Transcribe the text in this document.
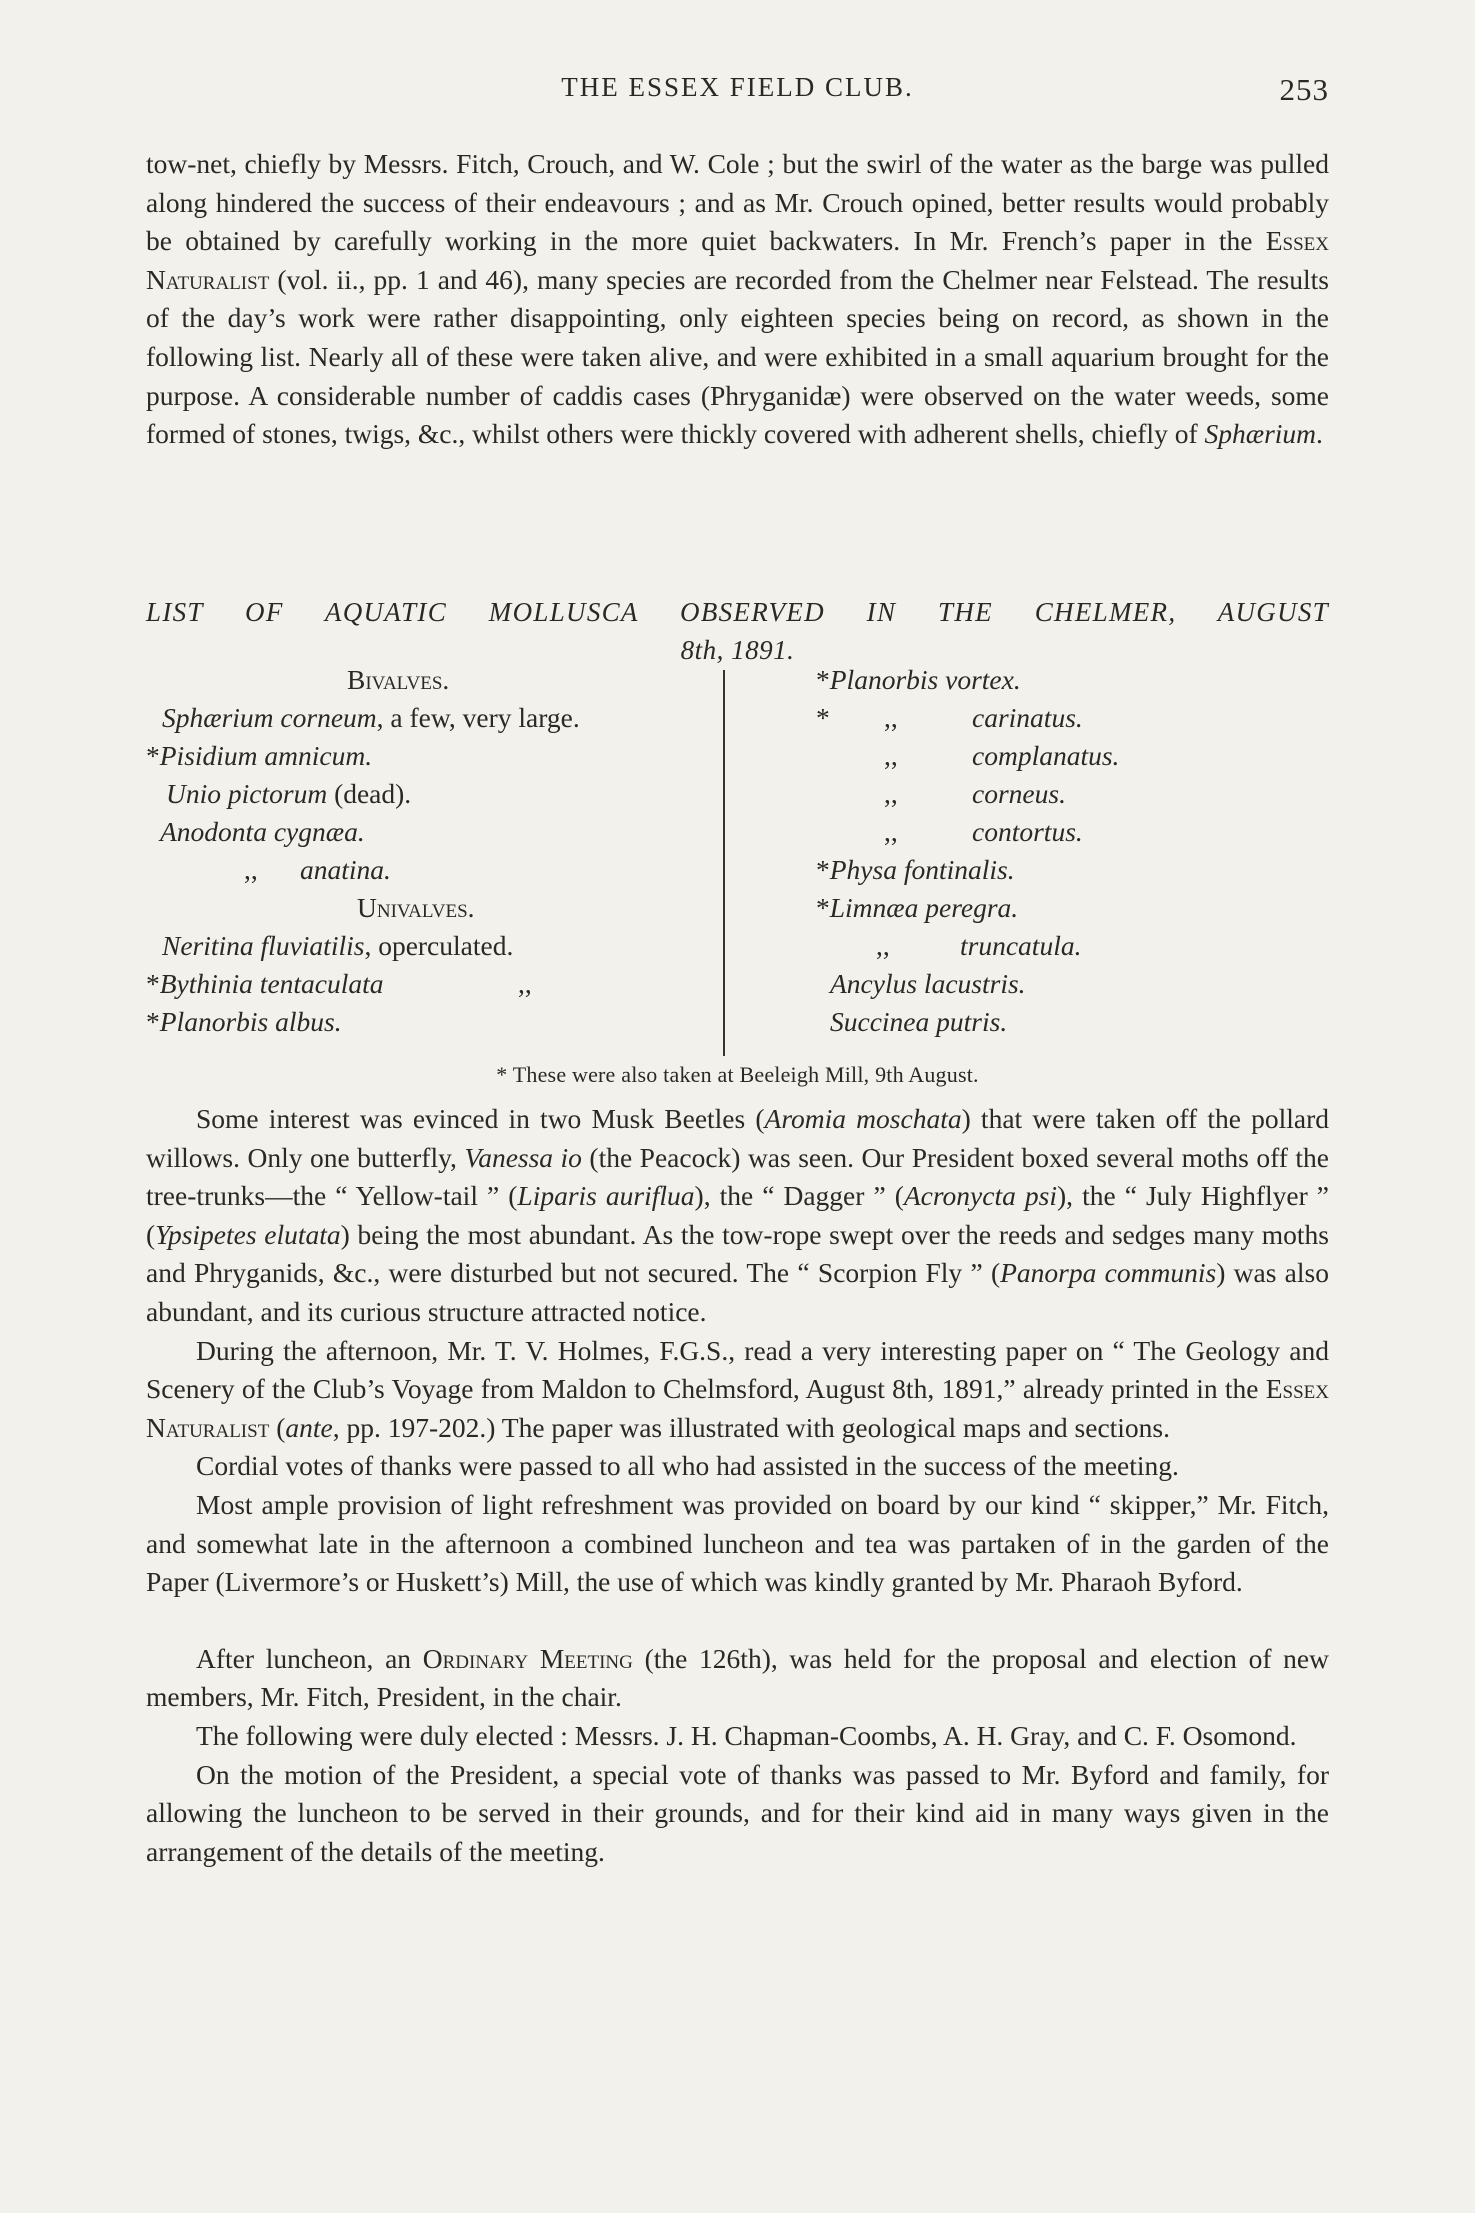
THE ESSEX FIELD CLUB.	253

tow-net, chiefly by Messrs. Fitch, Crouch, and W. Cole ; but the swirl of the water as the barge was pulled along hindered the success of their endeavours ; and as Mr. Crouch opined, better results would probably be obtained by carefully working in the more quiet backwaters. In Mr. French’s paper in the Essex Naturalist (vol. ii., pp. 1 and 46), many species are recorded from the Chelmer near Felstead. The results of the day’s work were rather disappointing, only eighteen species being on record, as shown in the following list. Nearly all of these were taken alive, and were exhibited in a small aquarium brought for the purpose. A considerable number of caddis cases (Phryganidæ) were observed on the water weeds, some formed of stones, twigs, &c., whilst others were thickly covered with adherent shells, chiefly of Sphærium.

LIST OF AQUATIC MOLLUSCA OBSERVED IN THE CHELMER, AUGUST
8th, 1891.
Bivalves.
Sphærium corneum, a few, very large.
*Pisidium amnicum.
Unio pictorum (dead).
Anodonta cygnæa.
,, anatina.
Univalves.
Neritina fluviatilis, operculated.
*Bythinia tentaculata	,,
*Planorbis albus.
*Planorbis vortex.
* ,,	carinatus.
,,	complanatus.
,,	corneus.
,,	contortus.
*Physa fontinalis.
*Limnæa peregra.
,,	truncatula.
Ancylus lacustris.
Succinea putris.
* These were also taken at Beeleigh Mill, 9th August.

Some interest was evinced in two Musk Beetles (Aromia moschata) that were taken off the pollard willows. Only one butterfly, Vanessa io (the Peacock) was seen. Our President boxed several moths off the tree-trunks—the “ Yellow-tail ” (Liparis auriflua), the “ Dagger ” (Acronycta psi), the “ July Highflyer ” (Ypsipetes elutata) being the most abundant. As the tow-rope swept over the reeds and sedges many moths and Phryganids, &c., were disturbed but not secured. The “ Scorpion Fly ” (Panorpa communis) was also abundant, and its curious structure attracted notice.

During the afternoon, Mr. T. V. Holmes, F.G.S., read a very interesting paper on “ The Geology and Scenery of the Club’s Voyage from Maldon to Chelmsford, August 8th, 1891,” already printed in the Essex Naturalist (ante, pp. 197-202.) The paper was illustrated with geological maps and sections.

Cordial votes of thanks were passed to all who had assisted in the success of the meeting.

Most ample provision of light refreshment was provided on board by our kind “ skipper,” Mr. Fitch, and somewhat late in the afternoon a combined luncheon and tea was partaken of in the garden of the Paper (Livermore’s or Huskett’s) Mill, the use of which was kindly granted by Mr. Pharaoh Byford.

After luncheon, an Ordinary Meeting (the 126th), was held for the proposal and election of new members, Mr. Fitch, President, in the chair.

The following were duly elected : Messrs. J. H. Chapman-Coombs, A. H. Gray, and C. F. Osomond.

On the motion of the President, a special vote of thanks was passed to Mr. Byford and family, for allowing the luncheon to be served in their grounds, and for their kind aid in many ways given in the arrangement of the details of the meeting.
